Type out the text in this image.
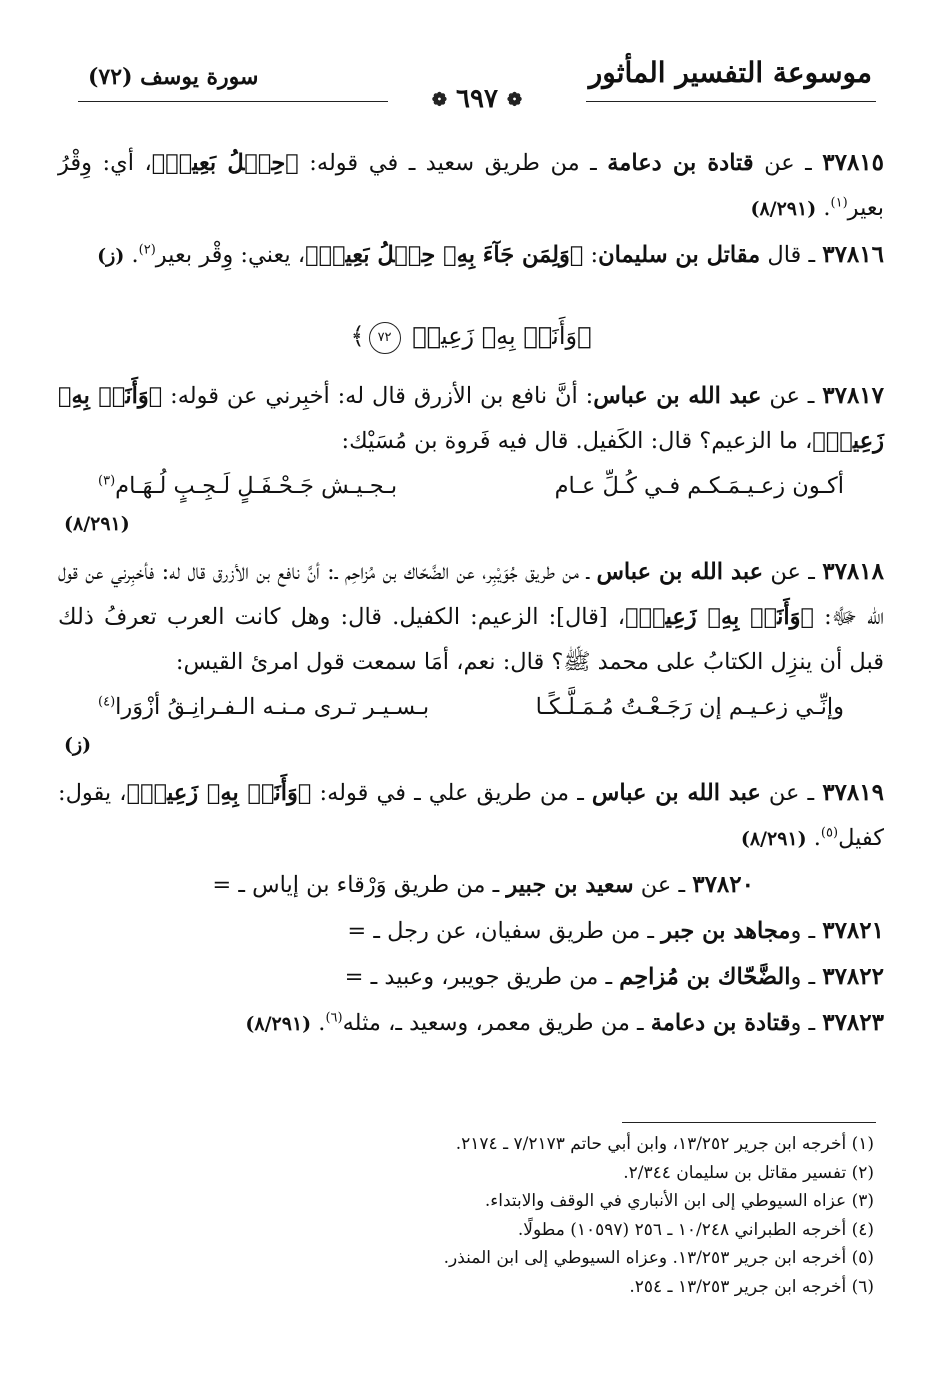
سورة يوسف (٧٢)	موسوعة التفسير المأثور
❁ ٦٩٧ ❁

٣٧٨١٥ ـ عن قتادة بن دعامة ـ من طريق سعيد ـ في قوله: ﴿حِمۡلُ بَعِيرٖ﴾، أي: وِقْرُ بعير$^{(١)}$. (٨/٢٩١)

٣٧٨١٦ ـ قال مقاتل بن سليمان: ﴿وَلِمَن جَآءَ بِهِۦ حِمۡلُ بَعِيرٖ﴾، يعني: وِقْر بعير$^{(٢)}$. (ز)

﴿وَأَنَا۠ بِهِۦ زَعِيمٞ ٧٢﴾

٣٧٨١٧ ـ عن عبد الله بن عباس: أنَّ نافع بن الأزرق قال له: أخبِرني عن قوله: ﴿وَأَنَا۠ بِهِۦ زَعِيمٞ﴾، ما الزعيم؟ قال: الكَفيل. قال فيه فَروة بن مُسَيْك:

أكـون زعـيـمَـكـم فـي كُـلِّ عـام
بـجـيـش جَـحْـفَـلٍ لَـجِـبٍ لُـهَـام$^{(٣)}$
(٨/٢٩١)

٣٧٨١٨ ـ عن عبد الله بن عباس ـ من طريق جُوَيْبِر، عن الضَّحّاك بن مُزاحِم ـ: أنَّ نافع بن الأزرق قال له: فأخبِرني عن قول الله ﷻ: ﴿وَأَنَا۠ بِهِۦ زَعِيمٞ﴾، [قال]: الزعيم: الكفيل. قال: وهل كانت العرب تعرفُ ذلك قبل أن ينزِل الكتابُ على محمد ﷺ؟ قال: نعم، أمَا سمعت قول امرئ القيس:

وإنِّـي زعـيـم إن رَجَـعْـتُ مُـمَـلَّـكًـا
بـسـيـر تـرى مـنـه الـفـرانِـقُ أزْوَرا$^{(٤)}$
(ز)

٣٧٨١٩ ـ عن عبد الله بن عباس ـ من طريق علي ـ في قوله: ﴿وَأَنَا۠ بِهِۦ زَعِيمٞ﴾، يقول: كفيل$^{(٥)}$. (٨/٢٩١)

٣٧٨٢٠ ـ عن سعيد بن جبير ـ من طريق وَرْقاء بن إياس ـ =

٣٧٨٢١ ـ ومجاهد بن جبر ـ من طريق سفيان، عن رجل ـ =

٣٧٨٢٢ ـ والضَّحّاك بن مُزاحِم ـ من طريق جويبر، وعبيد ـ =

٣٧٨٢٣ ـ وقتادة بن دعامة ـ من طريق معمر، وسعيد ـ، مثله$^{(٦)}$. (٨/٢٩١)

(١) أخرجه ابن جرير ١٣/٢٥٢، وابن أبي حاتم ٧/٢١٧٣ ـ ٢١٧٤.
(٢) تفسير مقاتل بن سليمان ٢/٣٤٤.
(٣) عزاه السيوطي إلى ابن الأنباري في الوقف والابتداء.
(٤) أخرجه الطبراني ١٠/٢٤٨ ـ ٢٥٦ (١٠٥٩٧) مطولًا.
(٥) أخرجه ابن جرير ١٣/٢٥٣. وعزاه السيوطي إلى ابن المنذر.
(٦) أخرجه ابن جرير ١٣/٢٥٣ ـ ٢٥٤.
